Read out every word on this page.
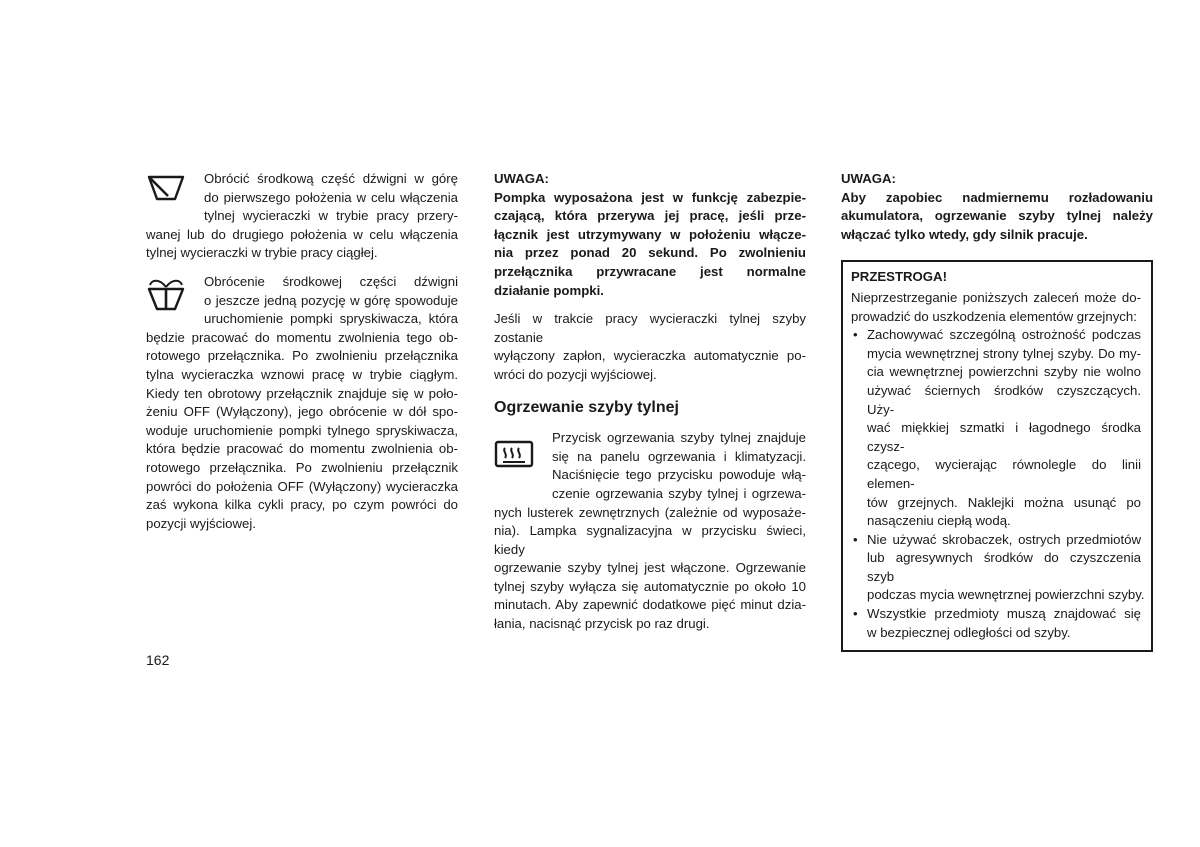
Obrócić środkową część dźwigni w górę
do pierwszego położenia w celu włączenia
tylnej wycieraczki w trybie pracy przery-
wanej lub do drugiego położenia w celu włączenia
tylnej wycieraczki w trybie pracy ciągłej.
Obrócenie środkowej części dźwigni
o jeszcze jedną pozycję w górę spowoduje
uruchomienie pompki spryskiwacza, która
będzie pracować do momentu zwolnienia tego ob-
rotowego przełącznika. Po zwolnieniu przełącznika
tylna wycieraczka wznowi pracę w trybie ciągłym.
Kiedy ten obrotowy przełącznik znajduje się w poło-
żeniu OFF (Wyłączony), jego obrócenie w dół spo-
woduje uruchomienie pompki tylnego spryskiwacza,
która będzie pracować do momentu zwolnienia ob-
rotowego przełącznika. Po zwolnieniu przełącznik
powróci do położenia OFF (Wyłączony) wycieraczka
zaś wykona kilka cykli pracy, po czym powróci do
pozycji wyjściowej.
UWAGA:
Pompka wyposażona jest w funkcję zabezpie-
czającą, która przerywa jej pracę, jeśli prze-
łącznik jest utrzymywany w położeniu włącze-
nia przez ponad 20 sekund. Po zwolnieniu
przełącznika przywracane jest normalne
działanie pompki.
Jeśli w trakcie pracy wycieraczki tylnej szyby zostanie
wyłączony zapłon, wycieraczka automatycznie po-
wróci do pozycji wyjściowej.
Ogrzewanie szyby tylnej
Przycisk ogrzewania szyby tylnej znajduje
się na panelu ogrzewania i klimatyzacji.
Naciśnięcie tego przycisku powoduje włą-
czenie ogrzewania szyby tylnej i ogrzewa-
nych lusterek zewnętrznych (zależnie od wyposaże-
nia). Lampka sygnalizacyjna w przycisku świeci, kiedy
ogrzewanie szyby tylnej jest włączone. Ogrzewanie
tylnej szyby wyłącza się automatycznie po około 10
minutach. Aby zapewnić dodatkowe pięć minut dzia-
łania, nacisnąć przycisk po raz drugi.
UWAGA:
Aby zapobiec nadmiernemu rozładowaniu
akumulatora, ogrzewanie szyby tylnej należy
włączać tylko wtedy, gdy silnik pracuje.
PRZESTROGA!
Nieprzestrzeganie poniższych zaleceń może do-
prowadzić do uszkodzenia elementów grzejnych:
• Zachowywać szczególną ostrożność podczas
mycia wewnętrznej strony tylnej szyby. Do my-
cia wewnętrznej powierzchni szyby nie wolno
używać ściernych środków czyszczących. Uży-
wać miękkiej szmatki i łagodnego środka czysz-
czącego, wycierając równolegle do linii elemen-
tów grzejnych. Naklejki można usunąć po
nasączeniu ciepłą wodą.
• Nie używać skrobaczek, ostrych przedmiotów
lub agresywnych środków do czyszczenia szyb
podczas mycia wewnętrznej powierzchni szyby.
• Wszystkie przedmioty muszą znajdować się
w bezpiecznej odległości od szyby.
162
